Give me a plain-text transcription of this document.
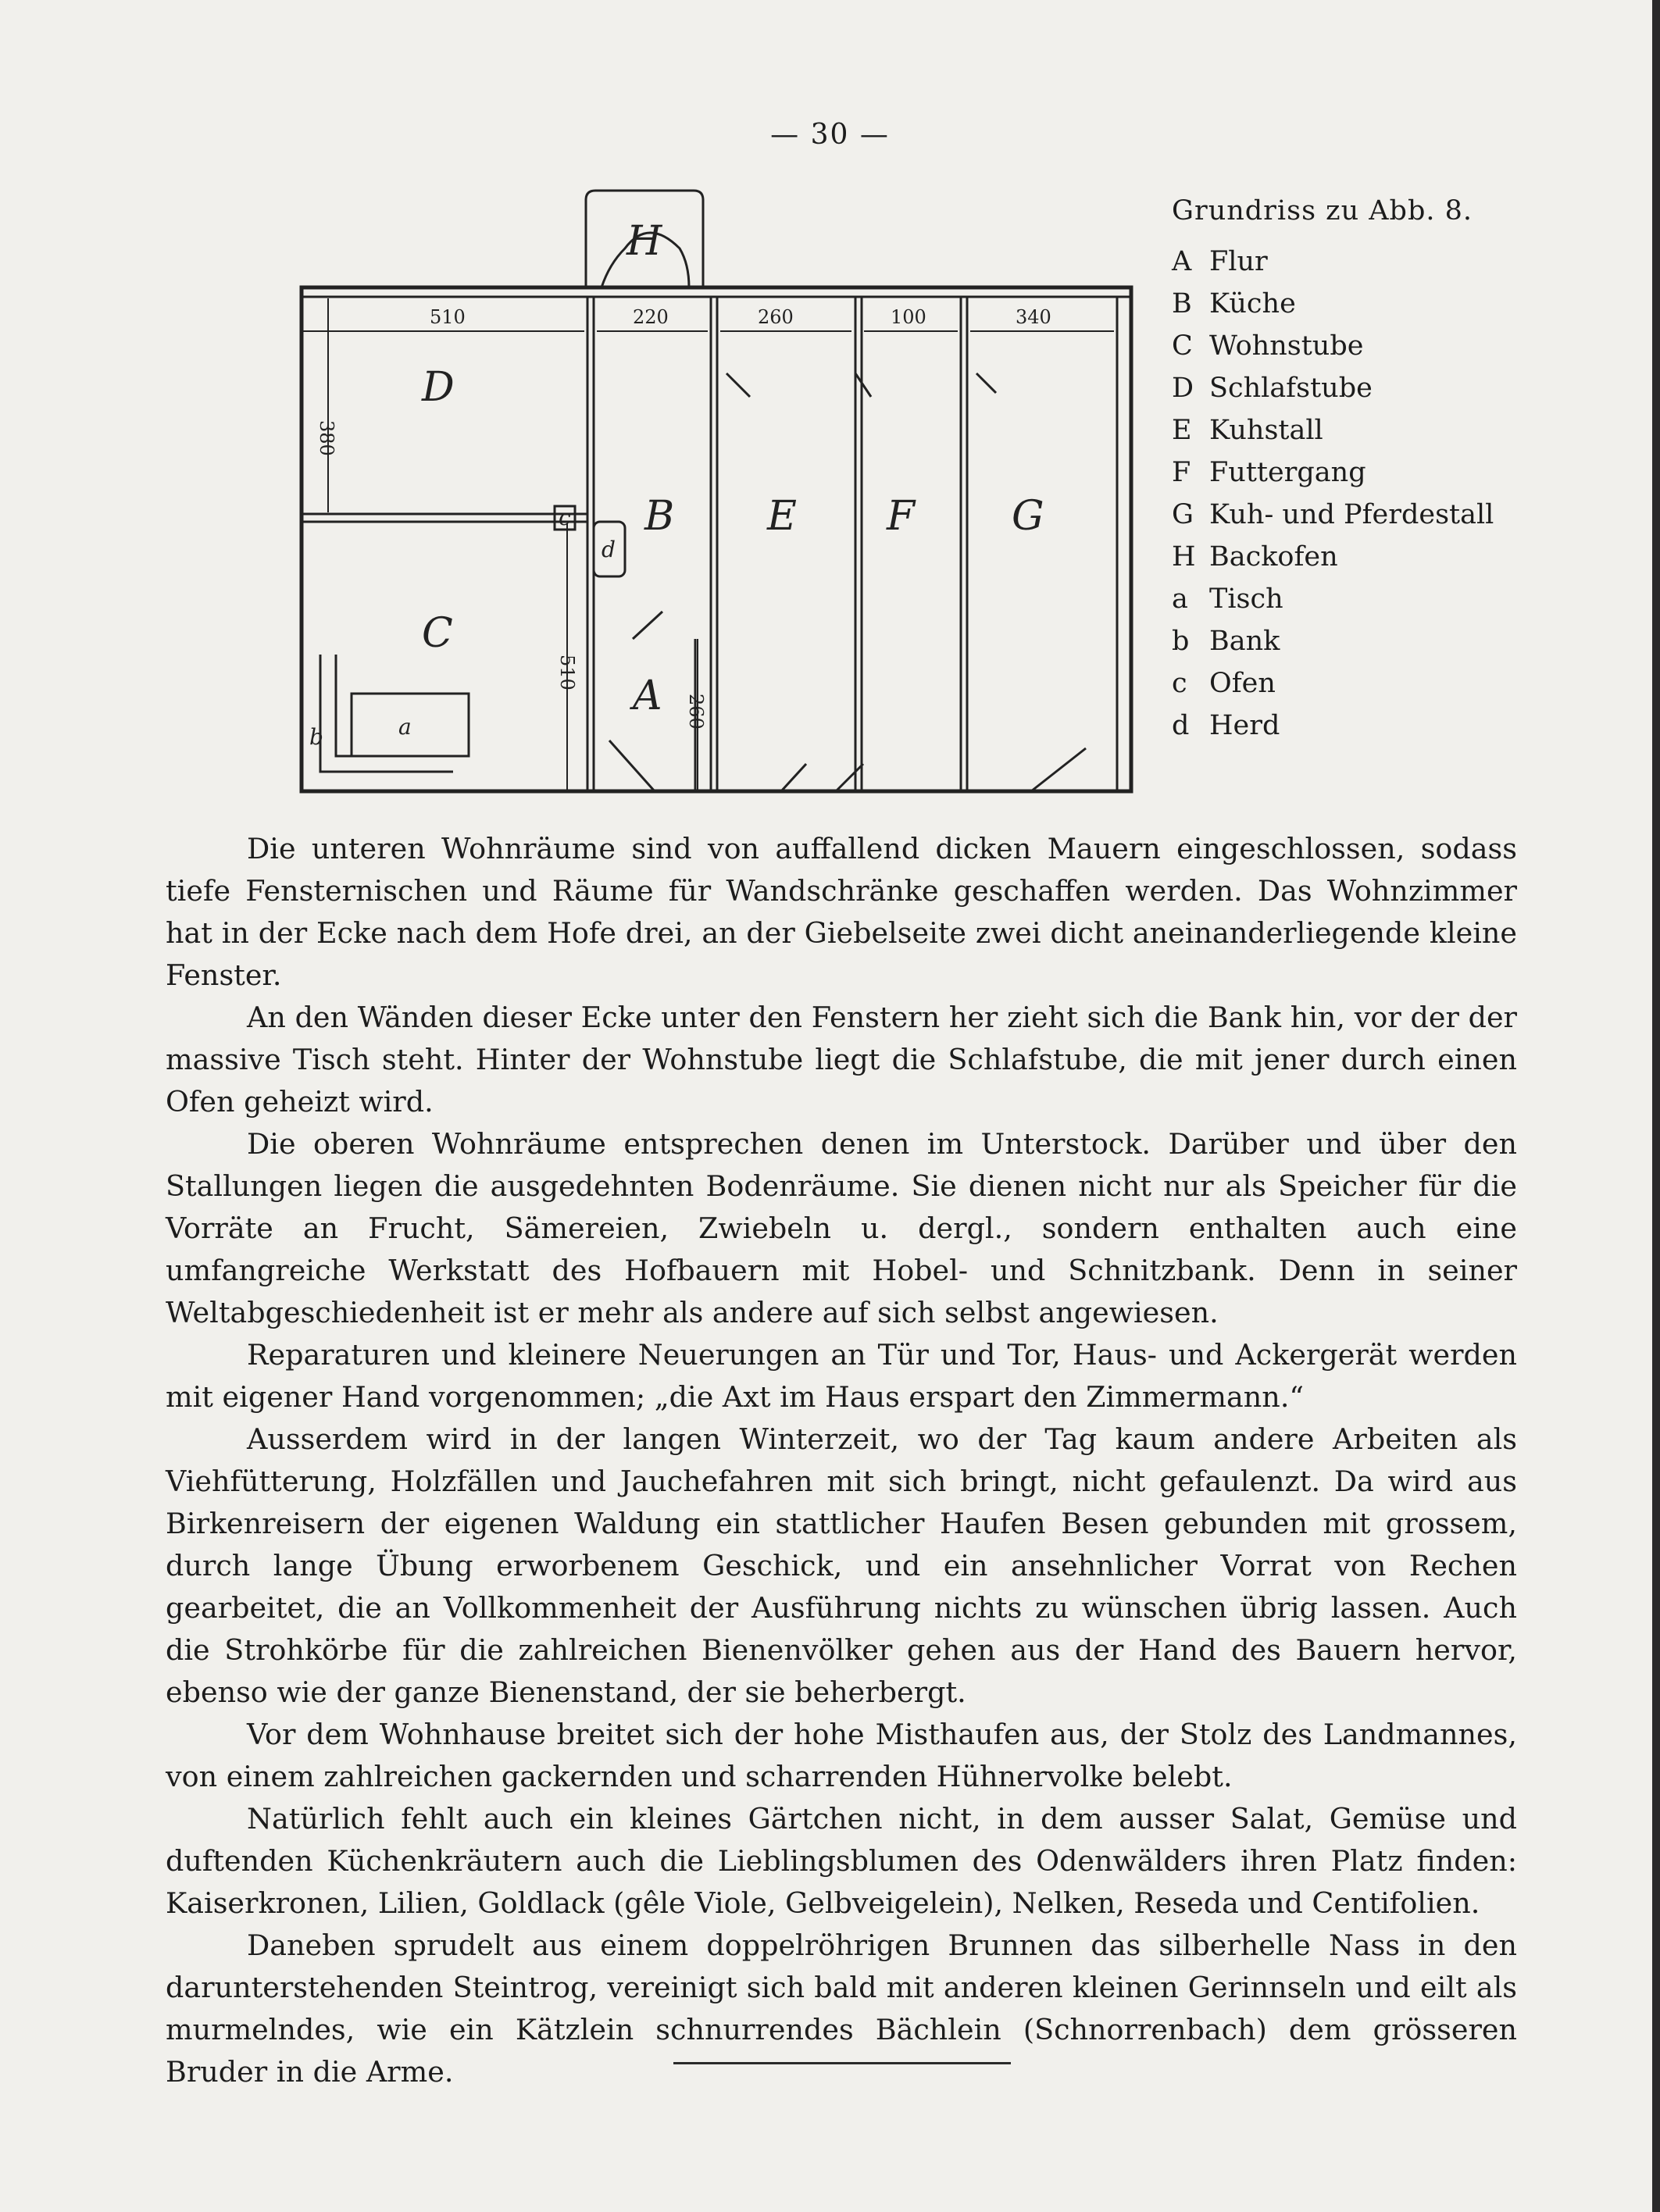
— 30 —
510	220	260	100	340
380
510
260
H
D
B E F G
C
A
a
b
c
d
Grundriss zu Abb. 8.
A Flur
B Küche
C Wohnstube
D Schlafstube
E Kuhstall
F Futtergang
G Kuh- und Pferdestall
H Backofen
a Tisch
b Bank
c Ofen
d Herd

Die unteren Wohnräume sind von auffallend dicken Mauern eingeschlossen, sodass tiefe Fensternischen und Räume für Wandschränke geschaffen werden. Das Wohnzimmer hat in der Ecke nach dem Hofe drei, an der Giebelseite zwei dicht aneinanderliegende kleine Fenster.

An den Wänden dieser Ecke unter den Fenstern her zieht sich die Bank hin, vor der der massive Tisch steht. Hinter der Wohnstube liegt die Schlafstube, die mit jener durch einen Ofen geheizt wird.

Die oberen Wohnräume entsprechen denen im Unterstock. Darüber und über den Stallungen liegen die ausgedehnten Bodenräume. Sie dienen nicht nur als Speicher für die Vorräte an Frucht, Sämereien, Zwiebeln u. dergl., sondern enthalten auch eine umfangreiche Werkstatt des Hofbauern mit Hobel- und Schnitzbank. Denn in seiner Weltabgeschiedenheit ist er mehr als andere auf sich selbst angewiesen.

Reparaturen und kleinere Neuerungen an Tür und Tor, Haus- und Ackergerät werden mit eigener Hand vorgenommen; „die Axt im Haus erspart den Zimmermann.“

Ausserdem wird in der langen Winterzeit, wo der Tag kaum andere Arbeiten als Viehfütterung, Holzfällen und Jauchefahren mit sich bringt, nicht gefaulenzt. Da wird aus Birkenreisern der eigenen Waldung ein stattlicher Haufen Besen gebunden mit grossem, durch lange Übung erworbenem Geschick, und ein ansehnlicher Vorrat von Rechen gearbeitet, die an Vollkommenheit der Ausführung nichts zu wünschen übrig lassen. Auch die Strohkörbe für die zahlreichen Bienenvölker gehen aus der Hand des Bauern hervor, ebenso wie der ganze Bienenstand, der sie beherbergt.

Vor dem Wohnhause breitet sich der hohe Misthaufen aus, der Stolz des Landmannes, von einem zahlreichen gackernden und scharrenden Hühnervolke belebt.

Natürlich fehlt auch ein kleines Gärtchen nicht, in dem ausser Salat, Gemüse und duftenden Küchenkräutern auch die Lieblingsblumen des Odenwälders ihren Platz finden: Kaiserkronen, Lilien, Goldlack (gêle Viole, Gelbveigelein), Nelken, Reseda und Centifolien.

Daneben sprudelt aus einem doppelröhrigen Brunnen das silberhelle Nass in den darunterstehenden Steintrog, vereinigt sich bald mit anderen kleinen Gerinnseln und eilt als murmelndes, wie ein Kätzlein schnurrendes Bächlein (Schnorrenbach) dem grösseren Bruder in die Arme.
